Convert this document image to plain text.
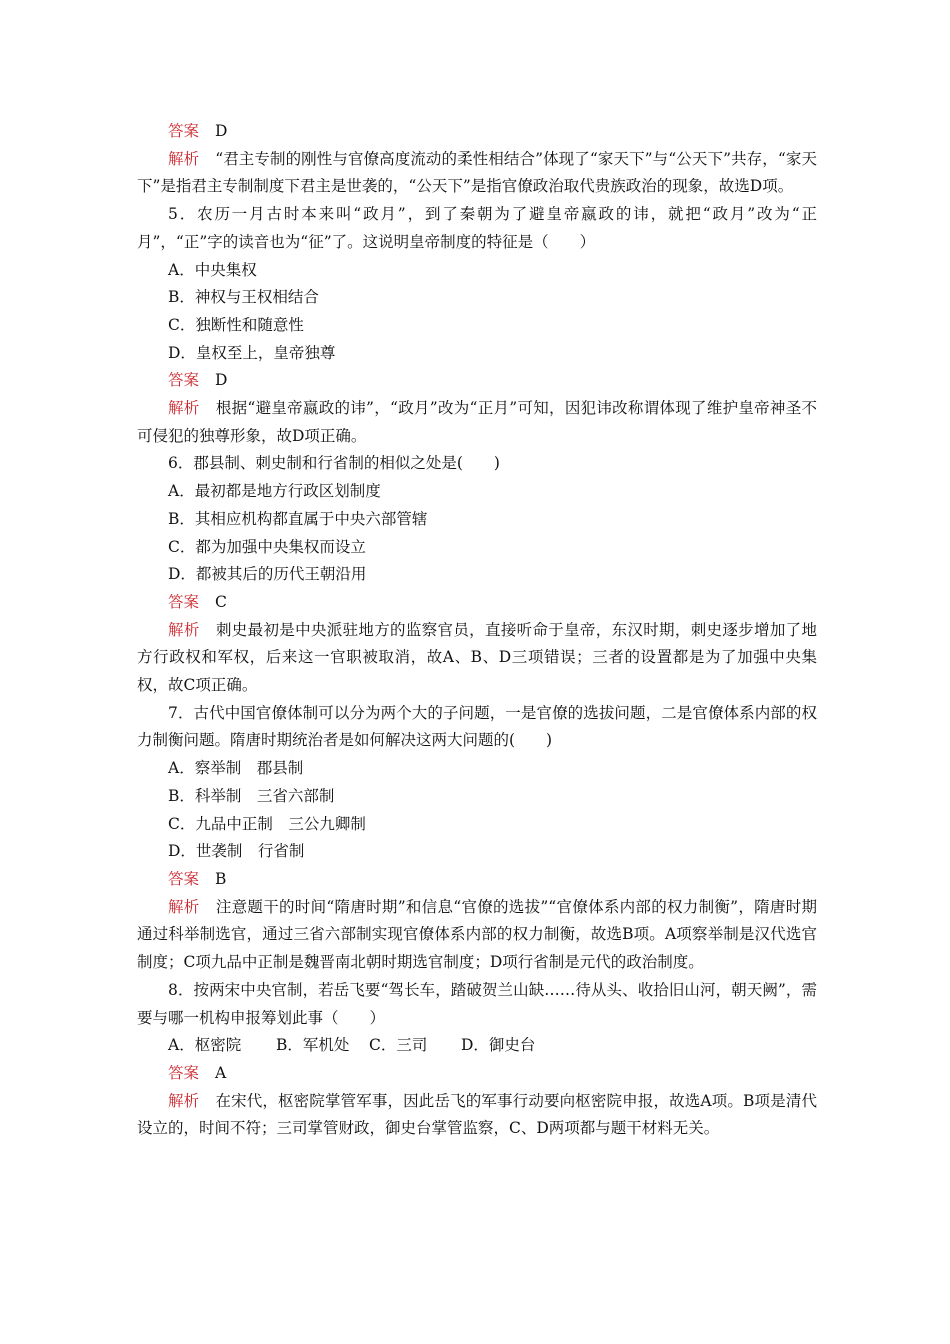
答案 D

解析 “君主专制的刚性与官僚高度流动的柔性相结合”体现了“家天下”与“公天下”共存，“家天下”是指君主专制制度下君主是世袭的，“公天下”是指官僚政治取代贵族政治的现象，故选D项。

5．农历一月古时本来叫“政月”，到了秦朝为了避皇帝嬴政的讳，就把“政月”改为“正月”，“正”字的读音也为“征”了。这说明皇帝制度的特征是（　　）

A．中央集权
B．神权与王权相结合
C．独断性和随意性
D．皇权至上，皇帝独尊
答案 D

解析 根据“避皇帝嬴政的讳”，“政月”改为“正月”可知，因犯讳改称谓体现了维护皇帝神圣不可侵犯的独尊形象，故D项正确。

6．郡县制、刺史制和行省制的相似之处是(　　)

A．最初都是地方行政区划制度
B．其相应机构都直属于中央六部管辖
C．都为加强中央集权而设立
D．都被其后的历代王朝沿用
答案 C

解析 刺史最初是中央派驻地方的监察官员，直接听命于皇帝，东汉时期，刺史逐步增加了地方行政权和军权，后来这一官职被取消，故A、B、D三项错误；三者的设置都是为了加强中央集权，故C项正确。

7．古代中国官僚体制可以分为两个大的子问题，一是官僚的选拔问题，二是官僚体系内部的权力制衡问题。隋唐时期统治者是如何解决这两大问题的(　　)

A．察举制　郡县制
B．科举制　三省六部制
C．九品中正制　三公九卿制
D．世袭制　行省制
答案 B

解析 注意题干的时间“隋唐时期”和信息“官僚的选拔”“官僚体系内部的权力制衡”，隋唐时期通过科举制选官，通过三省六部制实现官僚体系内部的权力制衡，故选B项。A项察举制是汉代选官制度；C项九品中正制是魏晋南北朝时期选官制度；D项行省制是元代的政治制度。

8．按两宋中央官制，若岳飞要“驾长车，踏破贺兰山缺……待从头、收拾旧山河，朝天阙”，需要与哪一机构申报筹划此事（　　）

A．枢密院 B．军机处 C．三司 D．御史台
答案 A

解析 在宋代，枢密院掌管军事，因此岳飞的军事行动要向枢密院申报，故选A项。B项是清代设立的，时间不符；三司掌管财政，御史台掌管监察，C、D两项都与题干材料无关。
